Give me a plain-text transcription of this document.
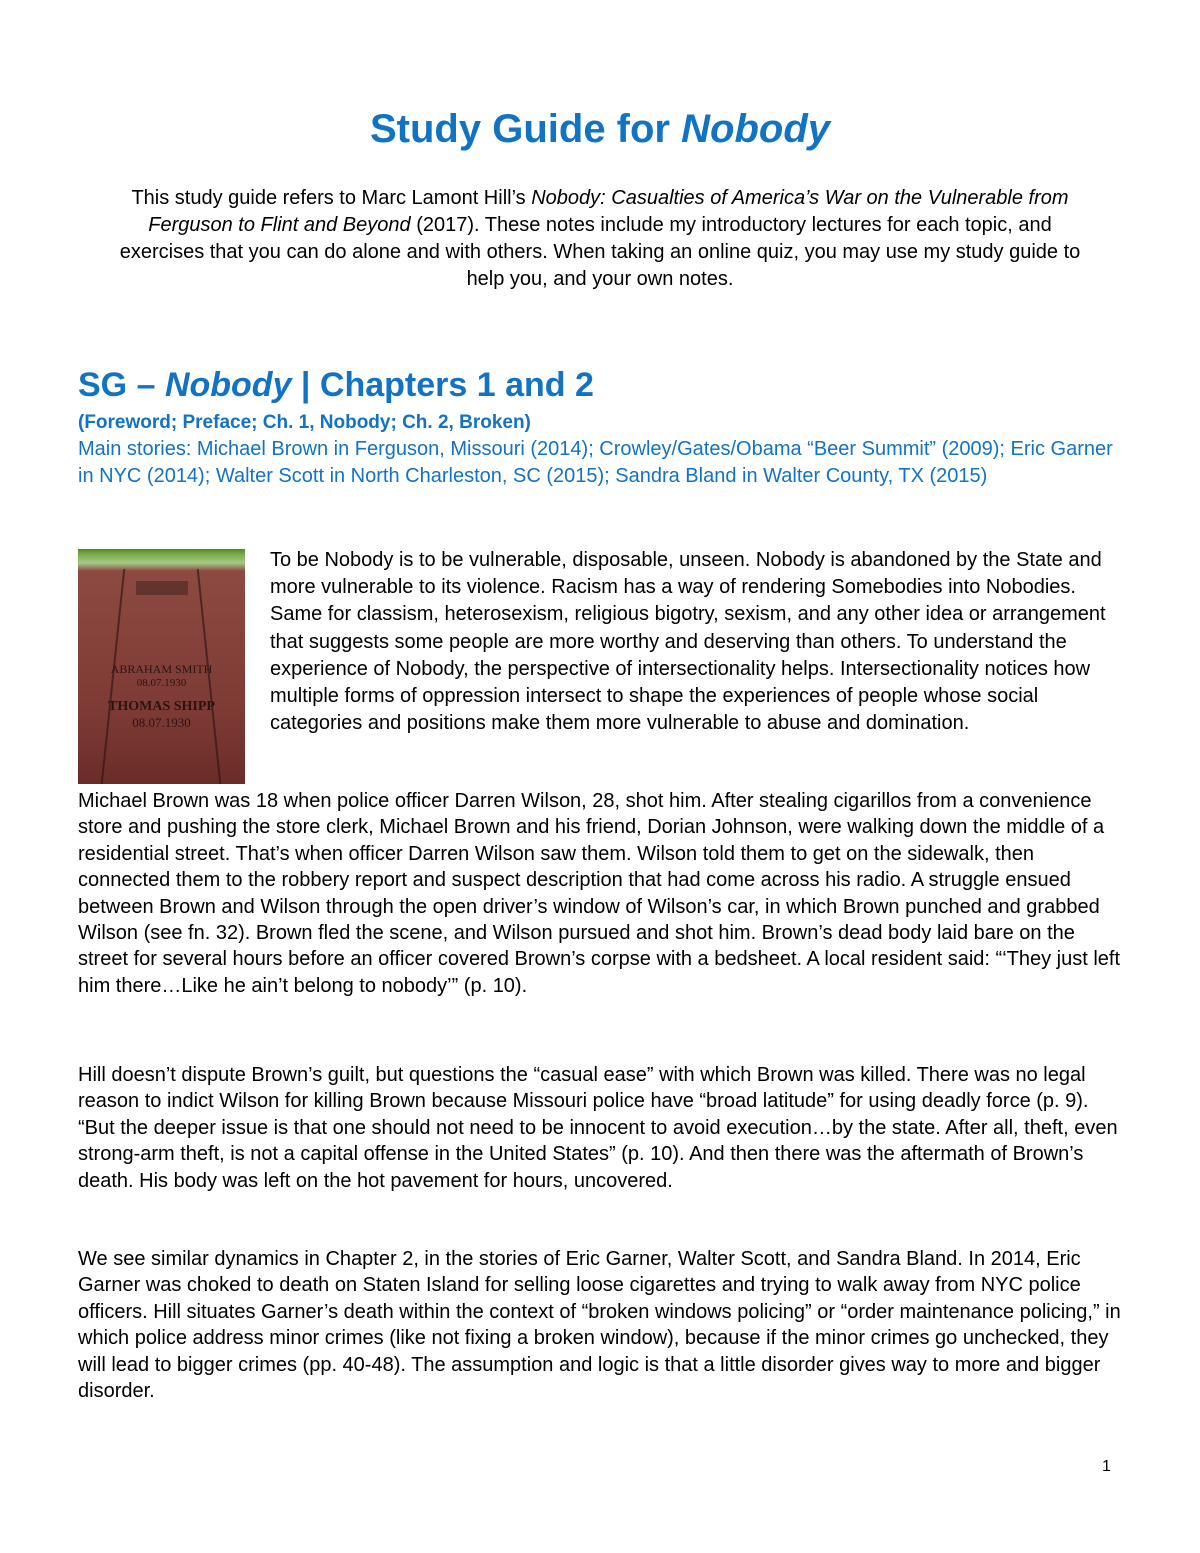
Study Guide for Nobody

This study guide refers to Marc Lamont Hill’s Nobody: Casualties of America’s War on the Vulnerable from Ferguson to Flint and Beyond (2017). These notes include my introductory lectures for each topic, and exercises that you can do alone and with others. When taking an online quiz, you may use my study guide to help you, and your own notes.

SG – Nobody | Chapters 1 and 2

(Foreword; Preface; Ch. 1, Nobody; Ch. 2, Broken)

Main stories: Michael Brown in Ferguson, Missouri (2014); Crowley/Gates/Obama “Beer Summit” (2009); Eric Garner in NYC (2014); Walter Scott in North Charleston, SC (2015); Sandra Bland in Walter County, TX (2015)

ABRAHAM SMITH
08.07.1930
THOMAS SHIPP
08.07.1930

To be Nobody is to be vulnerable, disposable, unseen. Nobody is abandoned by the State and more vulnerable to its violence. Racism has a way of rendering Somebodies into Nobodies. Same for classism, heterosexism, religious bigotry, sexism, and any other idea or arrangement that suggests some people are more worthy and deserving than others. To understand the experience of Nobody, the perspective of intersectionality helps. Intersectionality notices how multiple forms of oppression intersect to shape the experiences of people whose social categories and positions make them more vulnerable to abuse and domination.

Michael Brown was 18 when police officer Darren Wilson, 28, shot him. After stealing cigarillos from a convenience store and pushing the store clerk, Michael Brown and his friend, Dorian Johnson, were walking down the middle of a residential street. That’s when officer Darren Wilson saw them. Wilson told them to get on the sidewalk, then connected them to the robbery report and suspect description that had come across his radio. A struggle ensued between Brown and Wilson through the open driver’s window of Wilson’s car, in which Brown punched and grabbed Wilson (see fn. 32). Brown fled the scene, and Wilson pursued and shot him. Brown’s dead body laid bare on the street for several hours before an officer covered Brown’s corpse with a bedsheet. A local resident said: “‘They just left him there…Like he ain’t belong to nobody’” (p. 10).

Hill doesn’t dispute Brown’s guilt, but questions the “casual ease” with which Brown was killed. There was no legal reason to indict Wilson for killing Brown because Missouri police have “broad latitude” for using deadly force (p. 9). “But the deeper issue is that one should not need to be innocent to avoid execution…by the state. After all, theft, even strong-arm theft, is not a capital offense in the United States” (p. 10). And then there was the aftermath of Brown’s death. His body was left on the hot pavement for hours, uncovered.

We see similar dynamics in Chapter 2, in the stories of Eric Garner, Walter Scott, and Sandra Bland. In 2014, Eric Garner was choked to death on Staten Island for selling loose cigarettes and trying to walk away from NYC police officers. Hill situates Garner’s death within the context of “broken windows policing” or “order maintenance policing,” in which police address minor crimes (like not fixing a broken window), because if the minor crimes go unchecked, they will lead to bigger crimes (pp. 40-48). The assumption and logic is that a little disorder gives way to more and bigger disorder.

1
